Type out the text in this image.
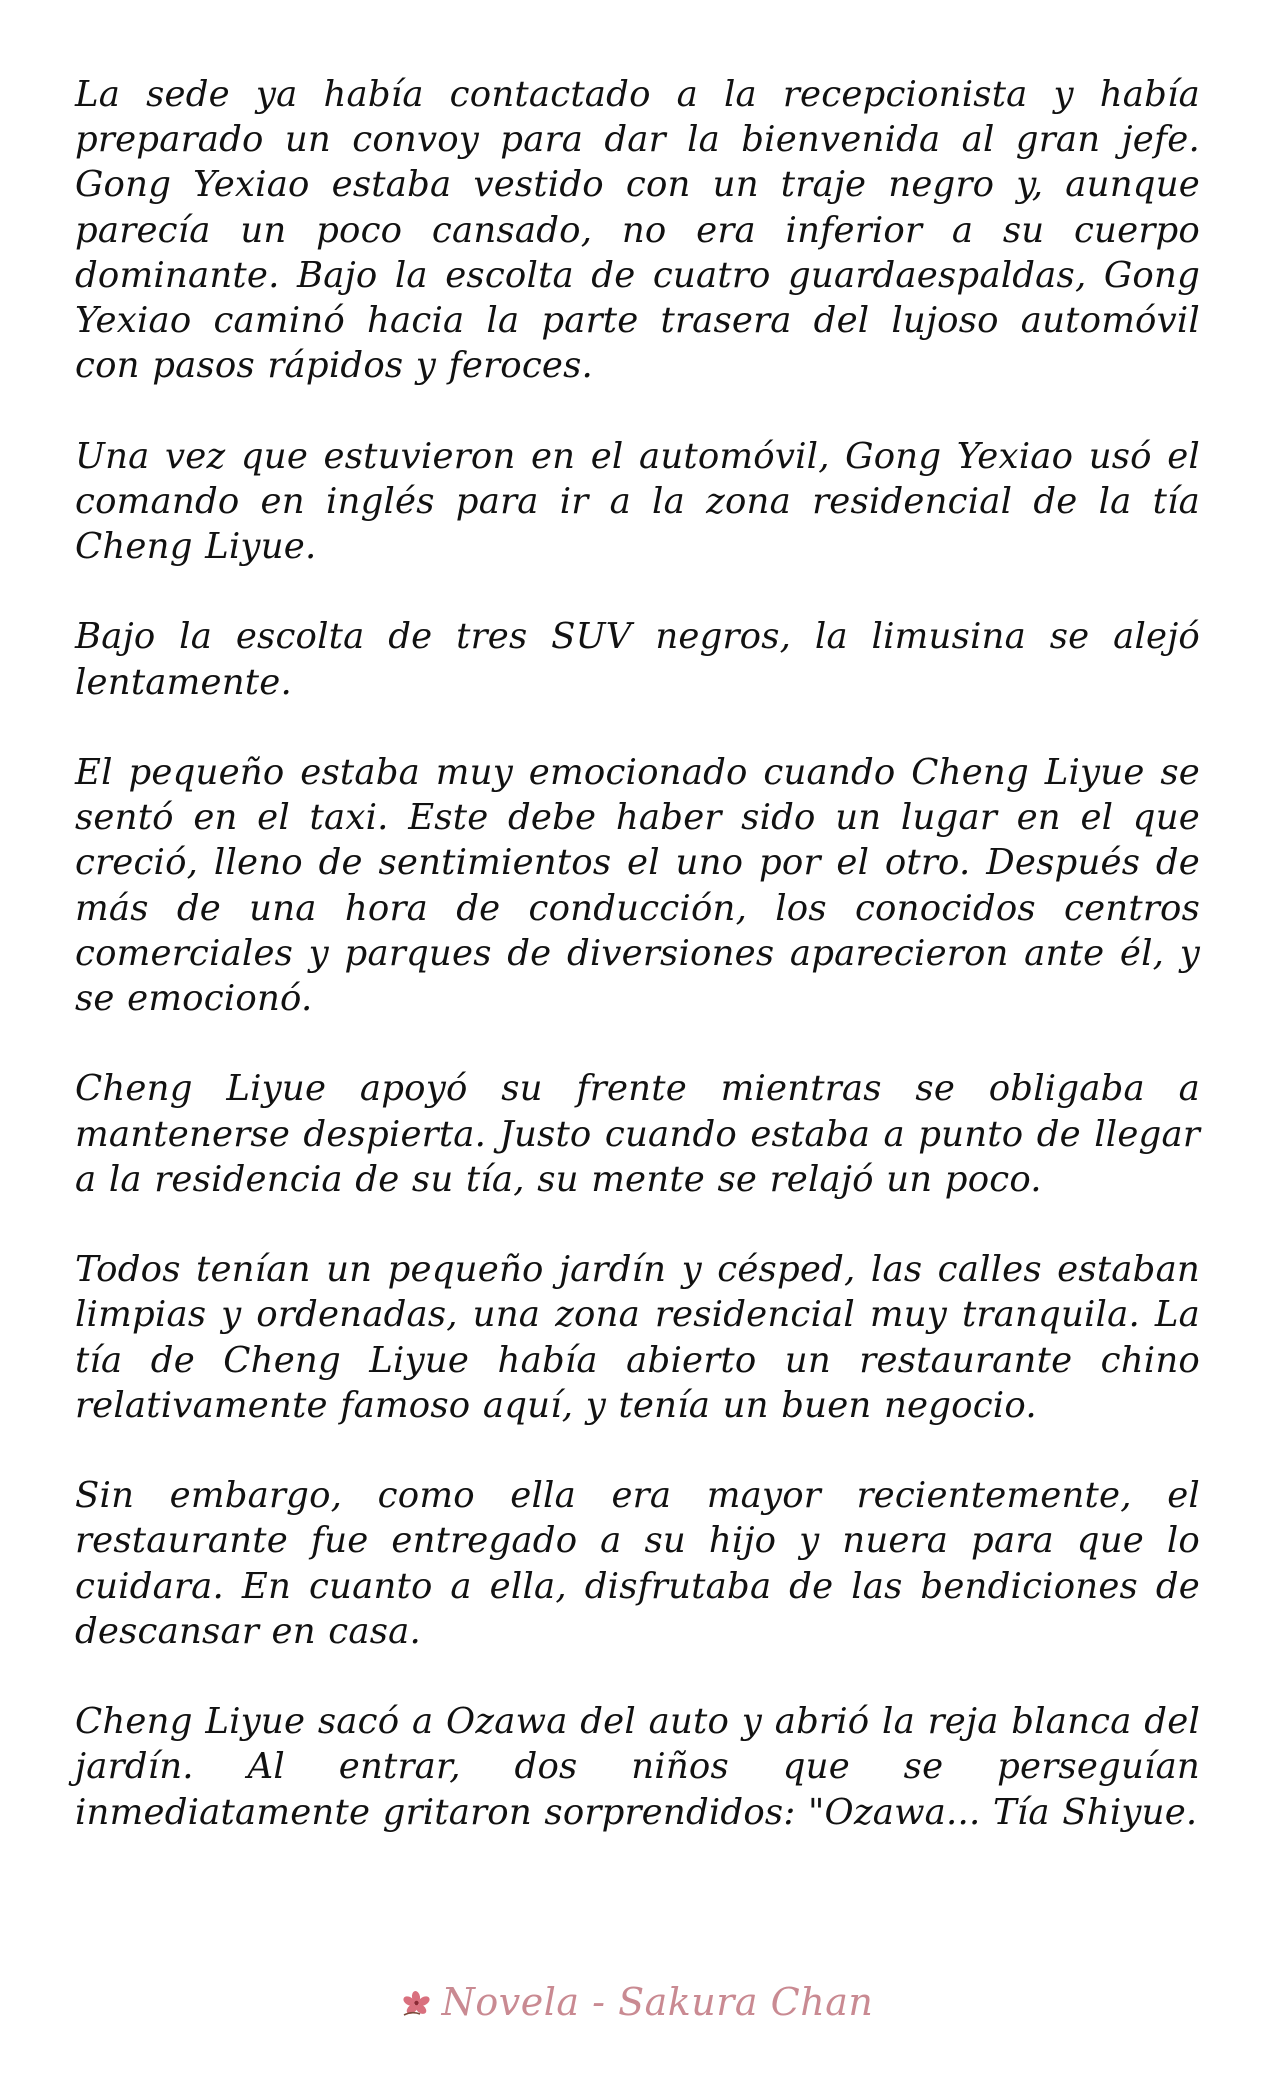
La sede ya había contactado a la recepcionista y había preparado un convoy para dar la bienvenida al gran jefe. Gong Yexiao estaba vestido con un traje negro y, aunque parecía un poco cansado, no era inferior a su cuerpo dominante. Bajo la escolta de cuatro guardaespaldas, Gong Yexiao caminó hacia la parte trasera del lujoso automóvil con pasos rápidos y feroces.

Una vez que estuvieron en el automóvil, Gong Yexiao usó el comando en inglés para ir a la zona residencial de la tía Cheng Liyue.

Bajo la escolta de tres SUV negros, la limusina se alejó lentamente.

El pequeño estaba muy emocionado cuando Cheng Liyue se sentó en el taxi. Este debe haber sido un lugar en el que creció, lleno de sentimientos el uno por el otro. Después de más de una hora de conducción, los conocidos centros comerciales y parques de diversiones aparecieron ante él, y se emocionó.

Cheng Liyue apoyó su frente mientras se obligaba a mantenerse despierta. Justo cuando estaba a punto de llegar a la residencia de su tía, su mente se relajó un poco.

Todos tenían un pequeño jardín y césped, las calles estaban limpias y ordenadas, una zona residencial muy tranquila. La tía de Cheng Liyue había abierto un restaurante chino relativamente famoso aquí, y tenía un buen negocio.

Sin embargo, como ella era mayor recientemente, el restaurante fue entregado a su hijo y nuera para que lo cuidara. En cuanto a ella, disfrutaba de las bendiciones de descansar en casa.

Cheng Liyue sacó a Ozawa del auto y abrió la reja blanca del jardín. Al entrar, dos niños que se perseguían inmediatamente gritaron sorprendidos: "Ozawa... Tía Shiyue.

Novela - Sakura Chan
